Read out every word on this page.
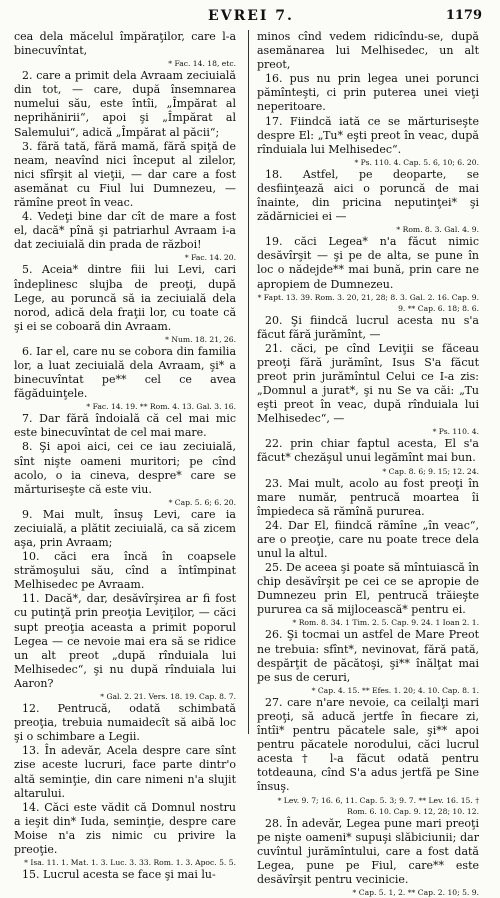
EVREI 7.	1179

cea dela măcelul împăraţilor, care l-a binecuvîntat,

* Fac. 14. 18, etc.

2. care a primit dela Avraam zeciuială din tot, — care, după însemnarea numelui său, este întîi, „Împărat al neprihănirii“, apoi şi „Împărat al Salemului“, adică „Împărat al păcii“;

3. fără tată, fără mamă, fără spiţă de neam, neavînd nici început al zilelor, nici sfîrşit al vieţii, — dar care a fost asemănat cu Fiul lui Dumnezeu, — rămîne preot în veac.

4. Vedeţi bine dar cît de mare a fost el, dacă* pînă şi patriarhul Avraam i-a dat zeciuială din prada de război!

* Fac. 14. 20.

5. Aceia* dintre fiii lui Levi, cari îndeplinesc slujba de preoţi, după Lege, au poruncă să ia zeciuială dela norod, adică dela fraţii lor, cu toate că şi ei se coboară din Avraam.

* Num. 18. 21, 26.

6. Iar el, care nu se cobora din familia lor, a luat zeciuială dela Avraam, şi* a binecuvîntat pe** cel ce avea făgăduinţele.

* Fac. 14. 19. ** Rom. 4. 13. Gal. 3. 16.

7. Dar fără îndoială că cel mai mic este binecuvîntat de cel mai mare.

8. Şi apoi aici, cei ce iau zeciuială, sînt nişte oameni muritori; pe cînd acolo, o ia cineva, despre* care se mărturiseşte că este viu.

* Cap. 5. 6; 6. 20.

9. Mai mult, însuş Levi, care ia zeciuială, a plătit zeciuială, ca să zicem aşa, prin Avraam;

10. căci era încă în coapsele strămoşului său, cînd a întîmpinat Melhisedec pe Avraam.

11. Dacă*, dar, desăvîrşirea ar fi fost cu putinţă prin preoţia Leviţilor, — căci supt preoţia aceasta a primit poporul Legea — ce nevoie mai era să se ridice un alt preot „după rînduiala lui Melhisedec“, şi nu după rînduiala lui Aaron?

* Gal. 2. 21. Vers. 18. 19. Cap. 8. 7.

12. Pentrucă, odată schimbată preoţia, trebuia numaidecît să aibă loc şi o schimbare a Legii.

13. În adevăr, Acela despre care sînt zise aceste lucruri, face parte dintr'o altă seminţie, din care nimeni n'a slujit altarului.

14. Căci este vădit că Domnul nostru a ieşit din* Iuda, seminţie, despre care Moise n'a zis nimic cu privire la preoţie.

* Isa. 11. 1. Mat. 1. 3. Luc. 3. 33. Rom. 1. 3. Apoc. 5. 5.

15. Lucrul acesta se face şi mai lu-

minos cînd vedem ridicîndu-se, după asemănarea lui Melhisedec, un alt preot,

16. pus nu prin legea unei porunci pămînteşti, ci prin puterea unei vieţi neperitoare.

17. Fiindcă iată ce se mărturiseşte despre El: „Tu* eşti preot în veac, după rînduiala lui Melhisedec“.

* Ps. 110. 4. Cap. 5. 6, 10; 6. 20.

18. Astfel, pe deoparte, se desfiinţează aici o poruncă de mai înainte, din pricina neputinţei* şi zădărniciei ei —

* Rom. 8. 3. Gal. 4. 9.

19. căci Legea* n'a făcut nimic desăvîrşit — şi pe de alta, se pune în loc o nădejde** mai bună, prin care ne apropiem de Dumnezeu.

* Fapt. 13. 39. Rom. 3. 20, 21, 28; 8. 3. Gal. 2. 16. Cap. 9. 9. ** Cap. 6. 18; 8. 6.

20. Şi fiindcă lucrul acesta nu s'a făcut fără jurămînt, —

21. căci, pe cînd Leviţii se făceau preoţi fără jurămînt, Isus S'a făcut preot prin jurămîntul Celui ce I-a zis: „Domnul a jurat*, şi nu Se va căi: „Tu eşti preot în veac, după rînduiala lui Melhisedec“, —

* Ps. 110. 4.

22. prin chiar faptul acesta, El s'a făcut* chezăşul unui legămînt mai bun.

* Cap. 8. 6; 9. 15; 12. 24.

23. Mai mult, acolo au fost preoţi în mare număr, pentrucă moartea îi împiedeca să rămînă pururea.

24. Dar El, fiindcă rămîne „în veac“, are o preoţie, care nu poate trece dela unul la altul.

25. De aceea şi poate să mîntuiască în chip desăvîrşit pe cei ce se apropie de Dumnezeu prin El, pentrucă trăieşte pururea ca să mijlocească* pentru ei.

* Rom. 8. 34. 1 Tim. 2. 5. Cap. 9. 24. 1 Ioan 2. 1.

26. Şi tocmai un astfel de Mare Preot ne trebuia: sfînt*, nevinovat, fără pată, despărţit de păcătoşi, şi** înălţat mai pe sus de ceruri,

* Cap. 4. 15. ** Efes. 1. 20; 4. 10. Cap. 8. 1.

27. care n'are nevoie, ca ceilalţi mari preoţi, să aducă jertfe în fiecare zi, întîi* pentru păcatele sale, şi** apoi pentru păcatele norodului, căci lucrul acesta† l-a făcut odată pentru totdeauna, cînd S'a adus jertfă pe Sine însuş.

* Lev. 9. 7; 16. 6, 11. Cap. 5. 3; 9. 7. ** Lev. 16. 15. † Rom. 6. 10. Cap. 9. 12, 28; 10. 12.

28. În adevăr, Legea pune mari preoţi pe nişte oameni* supuşi slăbiciunii; dar cuvîntul jurămîntului, care a fost dată Legea, pune pe Fiul, care** este desăvîrşit pentru vecinicie.

* Cap. 5. 1, 2. ** Cap. 2. 10; 5. 9.
